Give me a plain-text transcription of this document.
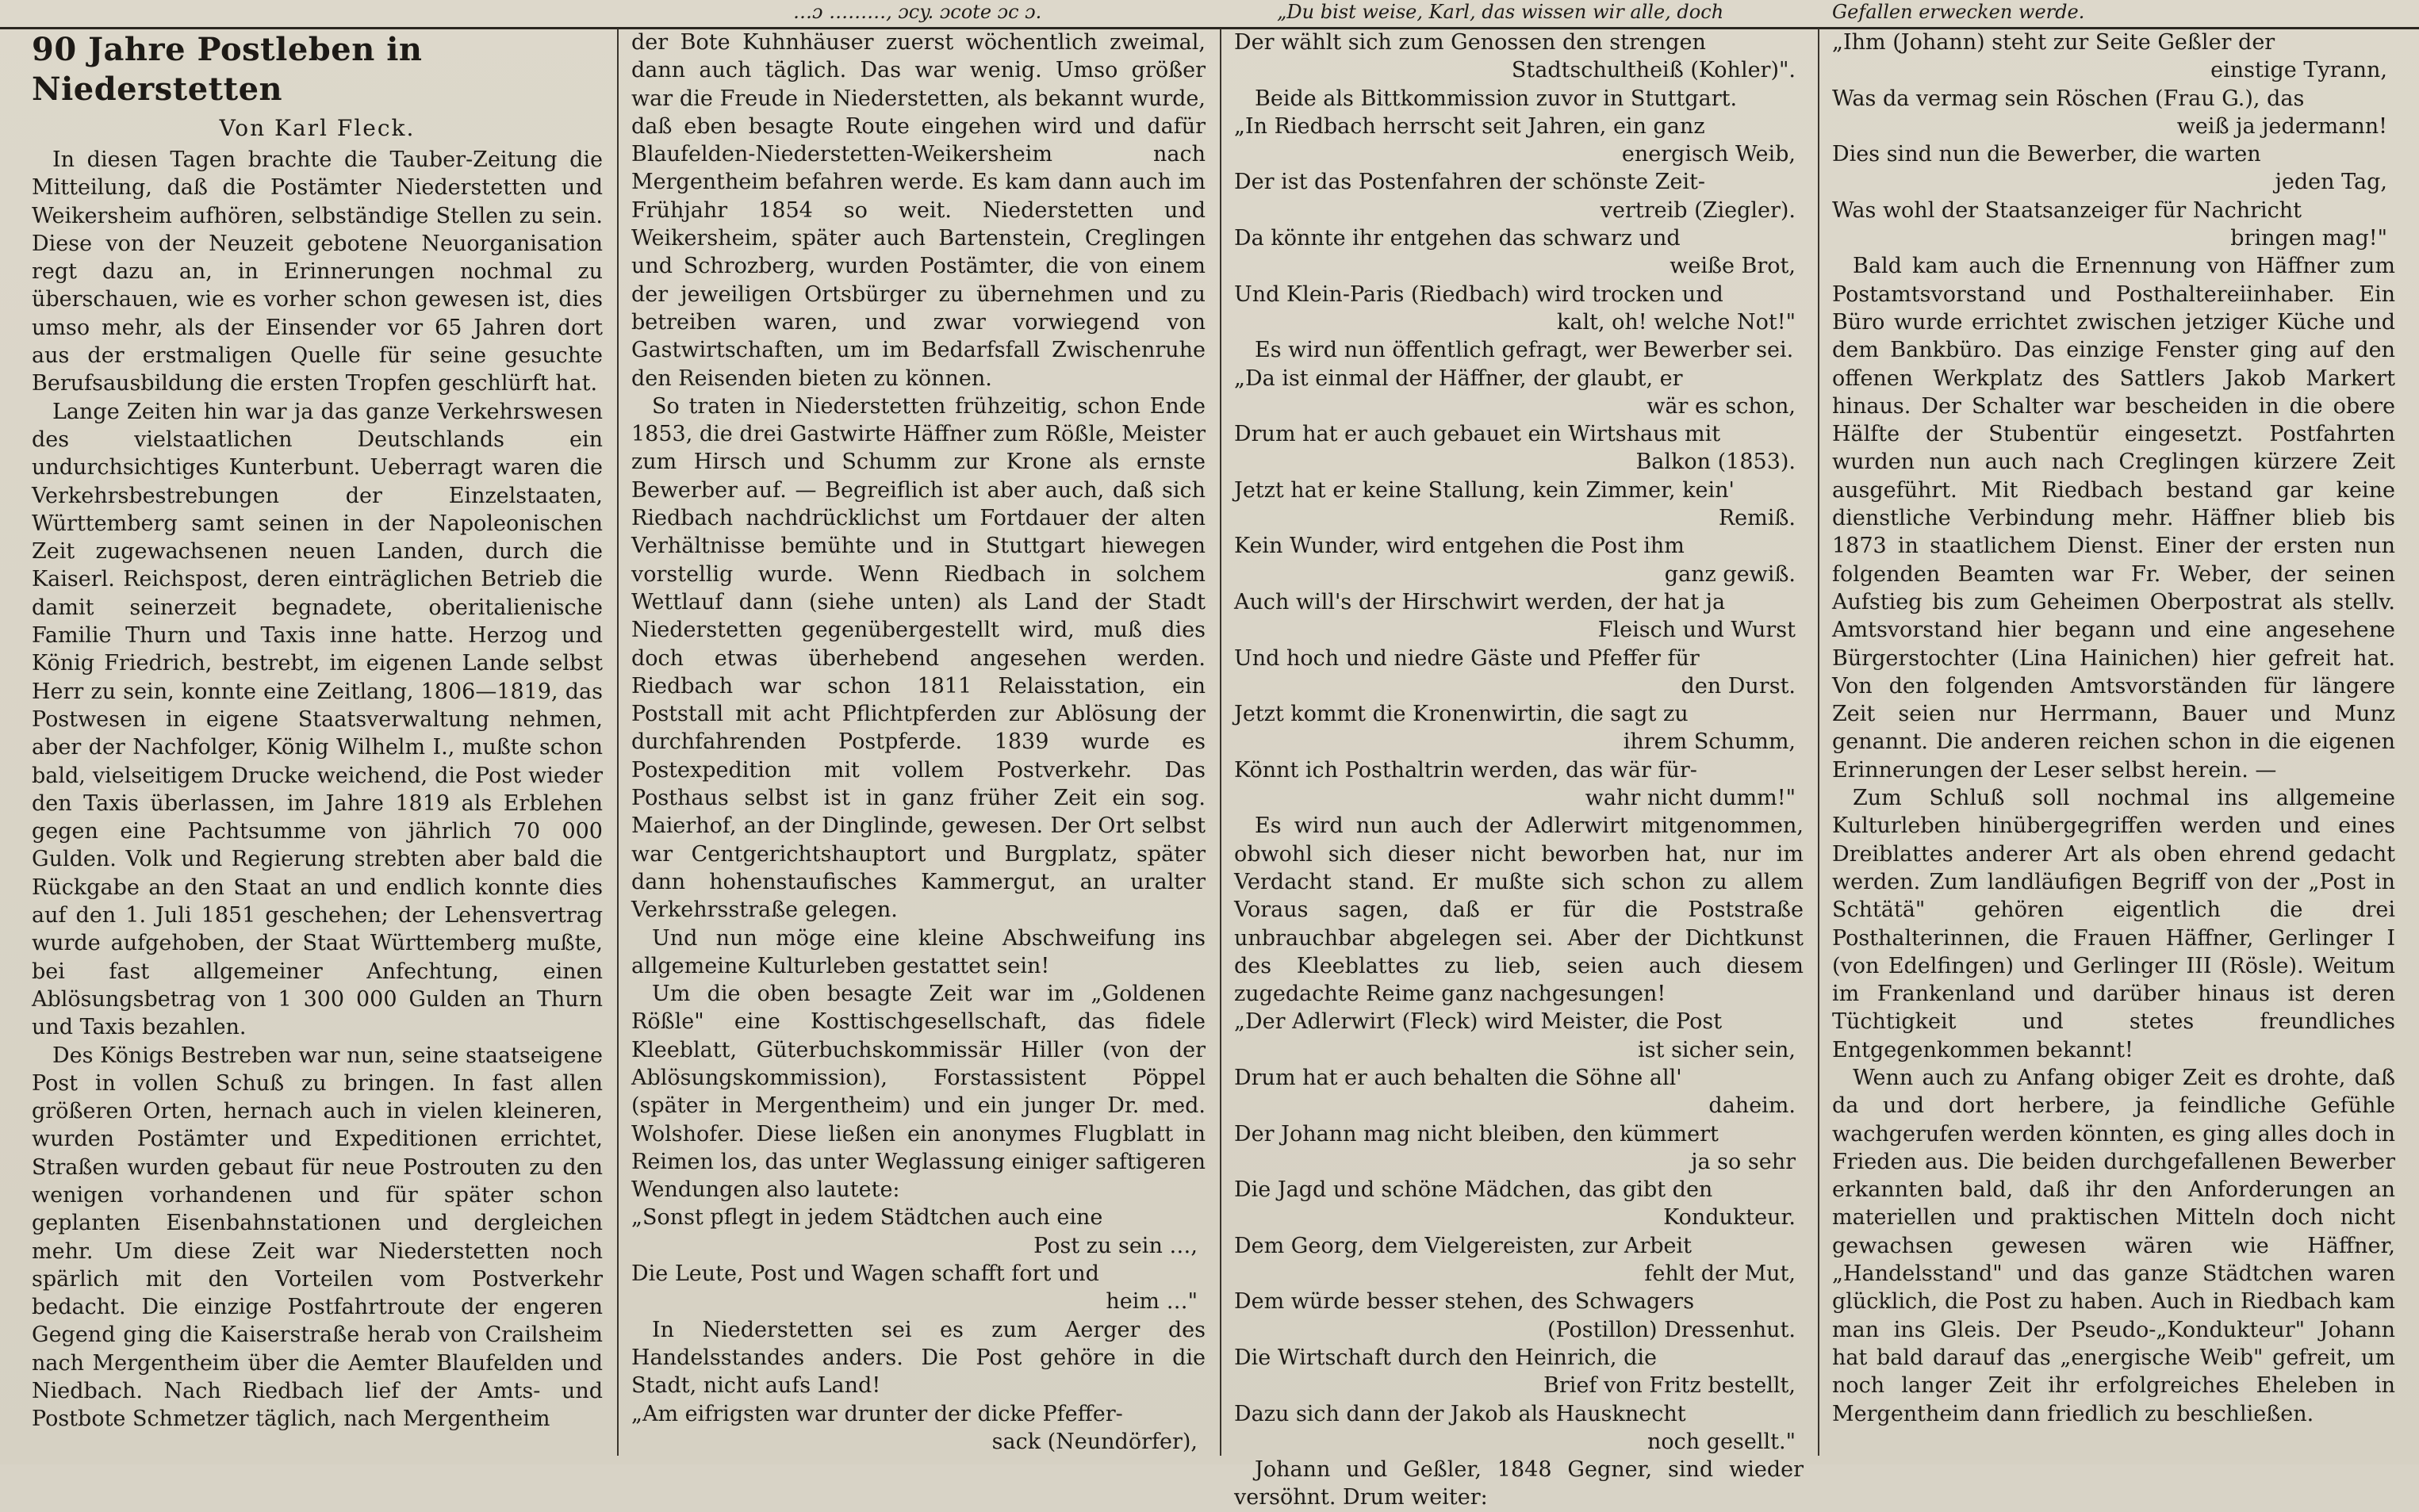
…ɔ ………, ɔcy. ɔcote ɔc ɔ.	„Du bist weise, Karl, das wissen wir alle, doch	Gefallen erwecken werde.
90 Jahre Postleben in Niederstetten
Von Karl Fleck.

In diesen Tagen brachte die Tauber-Zeitung die Mitteilung, daß die Postämter Niederstetten und Weikersheim aufhören, selbständige Stellen zu sein. Diese von der Neuzeit gebotene Neuorganisation regt dazu an, in Erinnerungen nochmal zu überschauen, wie es vorher schon gewesen ist, dies umso mehr, als der Einsender vor 65 Jahren dort aus der erstmaligen Quelle für seine gesuchte Berufsausbildung die ersten Tropfen geschlürft hat.

Lange Zeiten hin war ja das ganze Verkehrswesen des vielstaatlichen Deutschlands ein undurchsichtiges Kunterbunt. Ueberragt waren die Verkehrsbestrebungen der Einzelstaaten, Württemberg samt seinen in der Napoleonischen Zeit zugewachsenen neuen Landen, durch die Kaiserl. Reichspost, deren einträglichen Betrieb die damit seinerzeit begnadete, oberitalienische Familie Thurn und Taxis inne hatte. Herzog und König Friedrich, bestrebt, im eigenen Lande selbst Herr zu sein, konnte eine Zeitlang, 1806—1819, das Postwesen in eigene Staatsverwaltung nehmen, aber der Nachfolger, König Wilhelm I., mußte schon bald, vielseitigem Drucke weichend, die Post wieder den Taxis überlassen, im Jahre 1819 als Erblehen gegen eine Pachtsumme von jährlich 70 000 Gulden. Volk und Regierung strebten aber bald die Rückgabe an den Staat an und endlich konnte dies auf den 1. Juli 1851 geschehen; der Lehensvertrag wurde aufgehoben, der Staat Württemberg mußte, bei fast allgemeiner Anfechtung, einen Ablösungsbetrag von 1 300 000 Gulden an Thurn und Taxis bezahlen.

Des Königs Bestreben war nun, seine staatseigene Post in vollen Schuß zu bringen. In fast allen größeren Orten, hernach auch in vielen kleineren, wurden Postämter und Expeditionen errichtet, Straßen wurden gebaut für neue Postrouten zu den wenigen vorhandenen und für später schon geplanten Eisenbahnstationen und dergleichen mehr. Um diese Zeit war Niederstetten noch spärlich mit den Vorteilen vom Postverkehr bedacht. Die einzige Postfahrtroute der engeren Gegend ging die Kaiserstraße herab von Crailsheim nach Mergentheim über die Aemter Blaufelden und Niedbach. Nach Riedbach lief der Amts- und Postbote Schmetzer täglich, nach Mergentheim

der Bote Kuhnhäuser zuerst wöchentlich zweimal, dann auch täglich. Das war wenig. Umso größer war die Freude in Niederstetten, als bekannt wurde, daß eben besagte Route eingehen wird und dafür Blaufelden-Niederstetten-Weikersheim nach Mergentheim befahren werde. Es kam dann auch im Frühjahr 1854 so weit. Niederstetten und Weikersheim, später auch Bartenstein, Creglingen und Schrozberg, wurden Postämter, die von einem der jeweiligen Ortsbürger zu übernehmen und zu betreiben waren, und zwar vorwiegend von Gastwirtschaften, um im Bedarfsfall Zwischenruhe den Reisenden bieten zu können.

So traten in Niederstetten frühzeitig, schon Ende 1853, die drei Gastwirte Häffner zum Rößle, Meister zum Hirsch und Schumm zur Krone als ernste Bewerber auf. — Begreiflich ist aber auch, daß sich Riedbach nachdrücklichst um Fortdauer der alten Verhältnisse bemühte und in Stuttgart hiewegen vorstellig wurde. Wenn Riedbach in solchem Wettlauf dann (siehe unten) als Land der Stadt Niederstetten gegenübergestellt wird, muß dies doch etwas überhebend angesehen werden. Riedbach war schon 1811 Relaisstation, ein Poststall mit acht Pflichtpferden zur Ablösung der durchfahrenden Postpferde. 1839 wurde es Postexpedition mit vollem Postverkehr. Das Posthaus selbst ist in ganz früher Zeit ein sog. Maierhof, an der Dinglinde, gewesen. Der Ort selbst war Centgerichtshauptort und Burgplatz, später dann hohenstaufisches Kammergut, an uralter Verkehrsstraße gelegen.

Und nun möge eine kleine Abschweifung ins allgemeine Kulturleben gestattet sein!

Um die oben besagte Zeit war im „Goldenen Rößle" eine Kosttischgesellschaft, das fidele Kleeblatt, Güterbuchskommissär Hiller (von der Ablösungskommission), Forstassistent Pöppel (später in Mergentheim) und ein junger Dr. med. Wolshofer. Diese ließen ein anonymes Flugblatt in Reimen los, das unter Weglassung einiger saftigeren Wendungen also lautete:

„Sonst pflegt in jedem Städtchen auch eine
Post zu sein …,
Die Leute, Post und Wagen schafft fort und
heim …"

In Niederstetten sei es zum Aerger des Handelsstandes anders. Die Post gehöre in die Stadt, nicht aufs Land!

„Am eifrigsten war drunter der dicke Pfeffer-
sack (Neundörfer),
Der wählt sich zum Genossen den strengen
Stadtschultheiß (Kohler)".

Beide als Bittkommission zuvor in Stuttgart.

„In Riedbach herrscht seit Jahren, ein ganz
energisch Weib,
Der ist das Postenfahren der schönste Zeit-
vertreib (Ziegler).
Da könnte ihr entgehen das schwarz und
weiße Brot,
Und Klein-Paris (Riedbach) wird trocken und
kalt, oh! welche Not!"

Es wird nun öffentlich gefragt, wer Bewerber sei.

„Da ist einmal der Häffner, der glaubt, er
wär es schon,
Drum hat er auch gebauet ein Wirtshaus mit
Balkon (1853).
Jetzt hat er keine Stallung, kein Zimmer, kein'
Remiß.
Kein Wunder, wird entgehen die Post ihm
ganz gewiß.
Auch will's der Hirschwirt werden, der hat ja
Fleisch und Wurst
Und hoch und niedre Gäste und Pfeffer für
den Durst.
Jetzt kommt die Kronenwirtin, die sagt zu
ihrem Schumm,
Könnt ich Posthaltrin werden, das wär für-
wahr nicht dumm!"

Es wird nun auch der Adlerwirt mitgenommen, obwohl sich dieser nicht beworben hat, nur im Verdacht stand. Er mußte sich schon zu allem Voraus sagen, daß er für die Poststraße unbrauchbar abgelegen sei. Aber der Dichtkunst des Kleeblattes zu lieb, seien auch diesem zugedachte Reime ganz nachgesungen!

„Der Adlerwirt (Fleck) wird Meister, die Post
ist sicher sein,
Drum hat er auch behalten die Söhne all'
daheim.
Der Johann mag nicht bleiben, den kümmert
ja so sehr
Die Jagd und schöne Mädchen, das gibt den
Kondukteur.
Dem Georg, dem Vielgereisten, zur Arbeit
fehlt der Mut,
Dem würde besser stehen, des Schwagers
(Postillon) Dressenhut.
Die Wirtschaft durch den Heinrich, die
Brief von Fritz bestellt,
Dazu sich dann der Jakob als Hausknecht
noch gesellt."

Johann und Geßler, 1848 Gegner, sind wieder versöhnt. Drum weiter:

„Ihm (Johann) steht zur Seite Geßler der
einstige Tyrann,
Was da vermag sein Röschen (Frau G.), das
weiß ja jedermann!
Dies sind nun die Bewerber, die warten
jeden Tag,
Was wohl der Staatsanzeiger für Nachricht
bringen mag!"

Bald kam auch die Ernennung von Häffner zum Postamtsvorstand und Posthaltereiinhaber. Ein Büro wurde errichtet zwischen jetziger Küche und dem Bankbüro. Das einzige Fenster ging auf den offenen Werkplatz des Sattlers Jakob Markert hinaus. Der Schalter war bescheiden in die obere Hälfte der Stubentür eingesetzt. Postfahrten wurden nun auch nach Creglingen kürzere Zeit ausgeführt. Mit Riedbach bestand gar keine dienstliche Verbindung mehr. Häffner blieb bis 1873 in staatlichem Dienst. Einer der ersten nun folgenden Beamten war Fr. Weber, der seinen Aufstieg bis zum Geheimen Oberpostrat als stellv. Amtsvorstand hier begann und eine angesehene Bürgerstochter (Lina Hainichen) hier gefreit hat. Von den folgenden Amtsvorständen für längere Zeit seien nur Herrmann, Bauer und Munz genannt. Die anderen reichen schon in die eigenen Erinnerungen der Leser selbst herein. —

Zum Schluß soll nochmal ins allgemeine Kulturleben hinübergegriffen werden und eines Dreiblattes anderer Art als oben ehrend gedacht werden. Zum landläufigen Begriff von der „Post in Schtätä" gehören eigentlich die drei Posthalterinnen, die Frauen Häffner, Gerlinger I (von Edelfingen) und Gerlinger III (Rösle). Weitum im Frankenland und darüber hinaus ist deren Tüchtigkeit und stetes freundliches Entgegenkommen bekannt!

Wenn auch zu Anfang obiger Zeit es drohte, daß da und dort herbere, ja feindliche Gefühle wachgerufen werden könnten, es ging alles doch in Frieden aus. Die beiden durchgefallenen Bewerber erkannten bald, daß ihr den Anforderungen an materiellen und praktischen Mitteln doch nicht gewachsen gewesen wären wie Häffner, „Handelsstand" und das ganze Städtchen waren glücklich, die Post zu haben. Auch in Riedbach kam man ins Gleis. Der Pseudo-„Kondukteur" Johann hat bald darauf das „energische Weib" gefreit, um noch langer Zeit ihr erfolgreiches Eheleben in Mergentheim dann friedlich zu beschließen.
